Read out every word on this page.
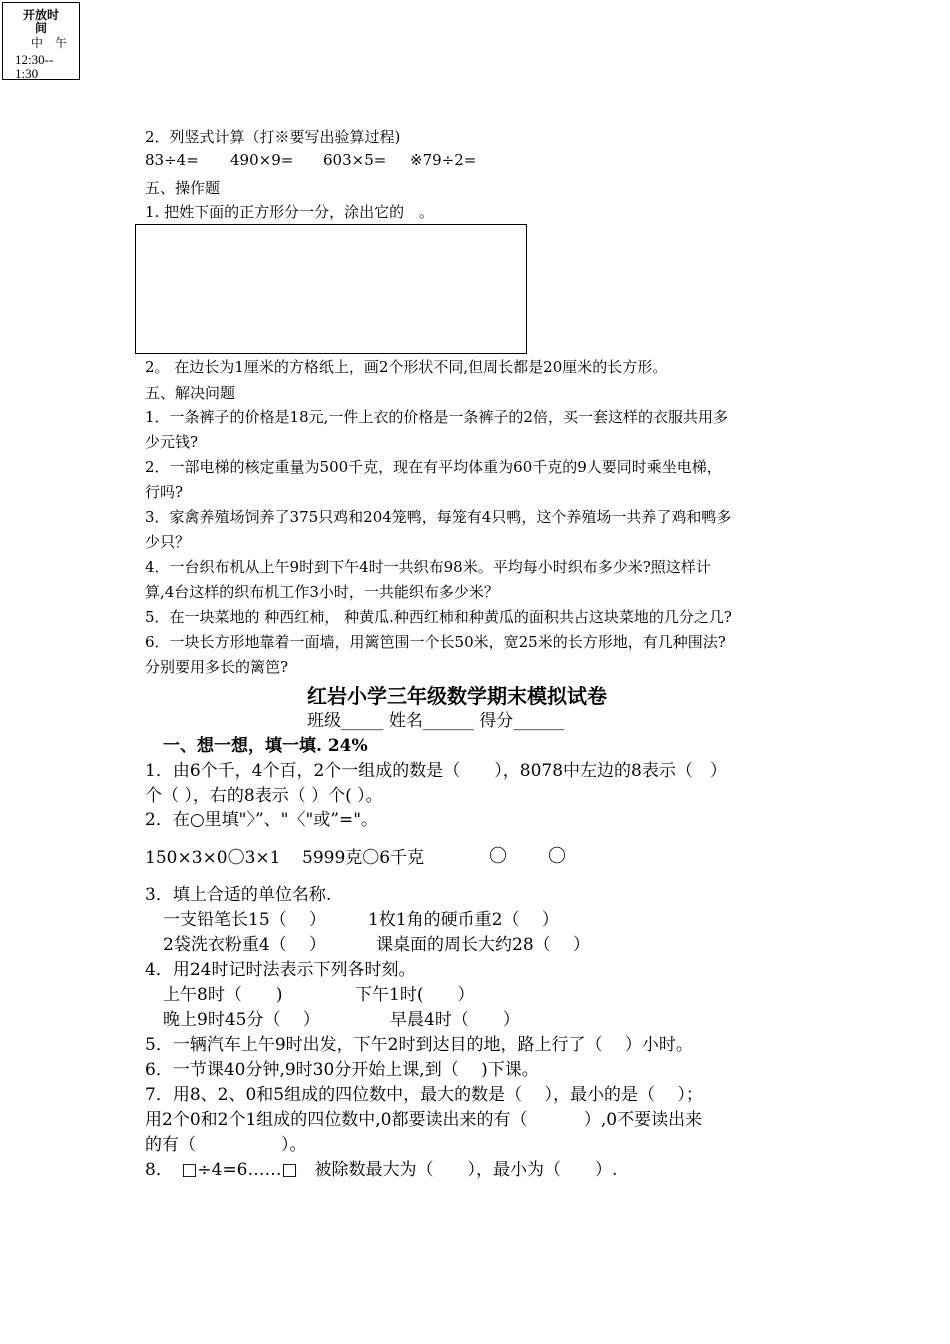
开放时
间
中午
12:30--
1:30
2．列竖式计算（打※要写出验算过程)
83÷4= 490×9= 603×5= ※79÷2=
五、操作题
1. 把姓下面的正方形分一分，涂出它的　。
2。 在边长为1厘米的方格纸上，画2个形状不同,但周长都是20厘米的长方形。
五、解决问题
1．一条裤子的价格是18元,一件上衣的价格是一条裤子的2倍，买一套这样的衣服共用多
少元钱?
2．一部电梯的核定重量为500千克，现在有平均体重为60千克的9人要同时乘坐电梯，
行吗?
3．家禽养殖场饲养了375只鸡和204笼鸭，每笼有4只鸭，这个养殖场一共养了鸡和鸭多
少只？
4．一台织布机从上午9时到下午4时一共织布98米。平均每小时织布多少米?照这样计
算,4台这样的织布机工作3小时，一共能织布多少米？
5．在一块菜地的 种西红柿， 种黄瓜.种西红柿和种黄瓜的面积共占这块菜地的几分之几?
6．一块长方形地靠着一面墙，用篱笆围一个长50米，宽25米的长方形地，有几种围法?
分别要用多长的篱笆?
红岩小学三年级数学期末模拟试卷
班级_____ 姓名______ 得分______
一、想一想，填一填. 24%
1．由6个千，4个百，2个一组成的数是（　　），8078中左边的8表示（　）
个（ ），右的8表示（ ）个( ）。
2．在○里填"〉”、"〈"或”="。
150×3×0〇3×1 5999克〇6千克	〇 〇
3．填上合适的单位名称.
一支铅笔长15（　 ） 1枚1角的硬币重2（　 ）
2袋洗衣粉重4（　 ）	课桌面的周长大约28（　 ）
4．用24时记时法表示下列各时刻。
上午8时（　　)	下午1时(　　）
晚上9时45分（　 ）	早晨4时（　　）
5．一辆汽车上午9时出发，下午2时到达目的地，路上行了（　 ）小时。
6．一节课40分钟,9时30分开始上课,到（　 )下课。
7．用8、2、0和5组成的四位数中，最大的数是（　 ），最小的是（　 ）；
用2个0和2个1组成的四位数中,0都要读出来的有（　　　 ）,0不要读出来
的有（　　　　　）。
8．　□÷4=6……□　被除数最大为（　　），最小为（　　）.
